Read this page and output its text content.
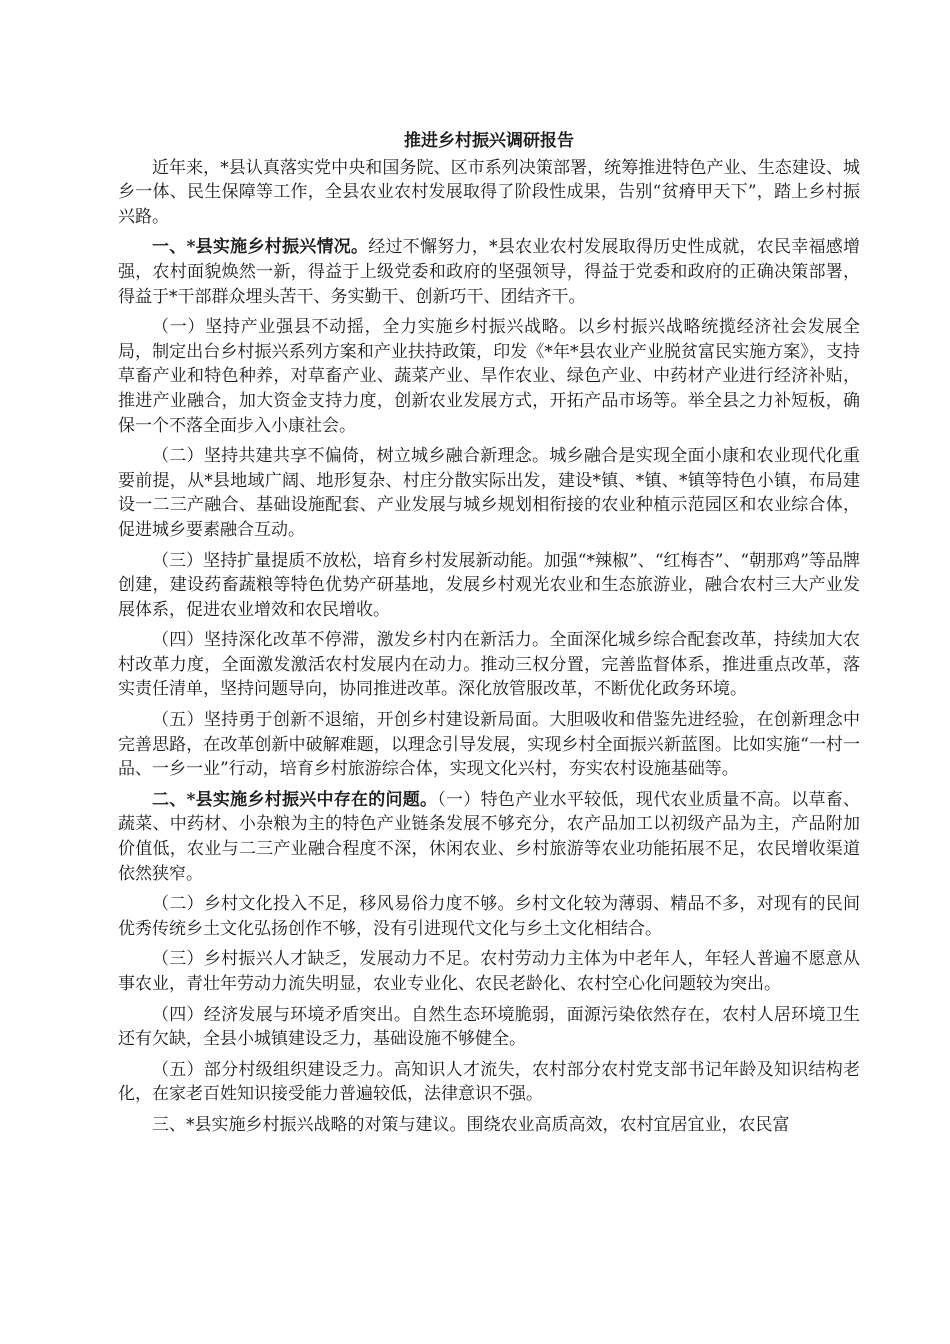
推进乡村振兴调研报告

近年来，*县认真落实党中央和国务院、区市系列决策部署，统筹推进特色产业、生态建设、城乡一体、民生保障等工作，全县农业农村发展取得了阶段性成果，告别“贫瘠甲天下”，踏上乡村振兴路。

一、*县实施乡村振兴情况。经过不懈努力，*县农业农村发展取得历史性成就，农民幸福感增强，农村面貌焕然一新，得益于上级党委和政府的坚强领导，得益于党委和政府的正确决策部署，得益于*干部群众埋头苦干、务实勤干、创新巧干、团结齐干。

（一）坚持产业强县不动摇，全力实施乡村振兴战略。以乡村振兴战略统揽经济社会发展全局，制定出台乡村振兴系列方案和产业扶持政策，印发《*年*县农业产业脱贫富民实施方案》，支持草畜产业和特色种养，对草畜产业、蔬菜产业、旱作农业、绿色产业、中药材产业进行经济补贴，推进产业融合，加大资金支持力度，创新农业发展方式，开拓产品市场等。举全县之力补短板，确保一个不落全面步入小康社会。

（二）坚持共建共享不偏倚，树立城乡融合新理念。城乡融合是实现全面小康和农业现代化重要前提，从*县地域广阔、地形复杂、村庄分散实际出发，建设*镇、*镇、*镇等特色小镇，布局建设一二三产融合、基础设施配套、产业发展与城乡规划相衔接的农业种植示范园区和农业综合体，促进城乡要素融合互动。

（三）坚持扩量提质不放松，培育乡村发展新动能。加强“*辣椒”、“红梅杏”、“朝那鸡”等品牌创建，建设药畜蔬粮等特色优势产研基地，发展乡村观光农业和生态旅游业，融合农村三大产业发展体系，促进农业增效和农民增收。

（四）坚持深化改革不停滞，激发乡村内在新活力。全面深化城乡综合配套改革，持续加大农村改革力度，全面激发激活农村发展内在动力。推动三权分置，完善监督体系，推进重点改革，落实责任清单，坚持问题导向，协同推进改革。深化放管服改革，不断优化政务环境。

（五）坚持勇于创新不退缩，开创乡村建设新局面。大胆吸收和借鉴先进经验，在创新理念中完善思路，在改革创新中破解难题，以理念引导发展，实现乡村全面振兴新蓝图。比如实施“一村一品、一乡一业”行动，培育乡村旅游综合体，实现文化兴村，夯实农村设施基础等。

二、*县实施乡村振兴中存在的问题。（一）特色产业水平较低，现代农业质量不高。以草畜、蔬菜、中药材、小杂粮为主的特色产业链条发展不够充分，农产品加工以初级产品为主，产品附加价值低，农业与二三产业融合程度不深，休闲农业、乡村旅游等农业功能拓展不足，农民增收渠道依然狭窄。

（二）乡村文化投入不足，移风易俗力度不够。乡村文化较为薄弱、精品不多，对现有的民间优秀传统乡土文化弘扬创作不够，没有引进现代文化与乡土文化相结合。

（三）乡村振兴人才缺乏，发展动力不足。农村劳动力主体为中老年人，年轻人普遍不愿意从事农业，青壮年劳动力流失明显，农业专业化、农民老龄化、农村空心化问题较为突出。

（四）经济发展与环境矛盾突出。自然生态环境脆弱，面源污染依然存在，农村人居环境卫生还有欠缺，全县小城镇建设乏力，基础设施不够健全。

（五）部分村级组织建设乏力。高知识人才流失，农村部分农村党支部书记年龄及知识结构老化，在家老百姓知识接受能力普遍较低，法律意识不强。

三、*县实施乡村振兴战略的对策与建议。围绕农业高质高效，农村宜居宜业，农民富
